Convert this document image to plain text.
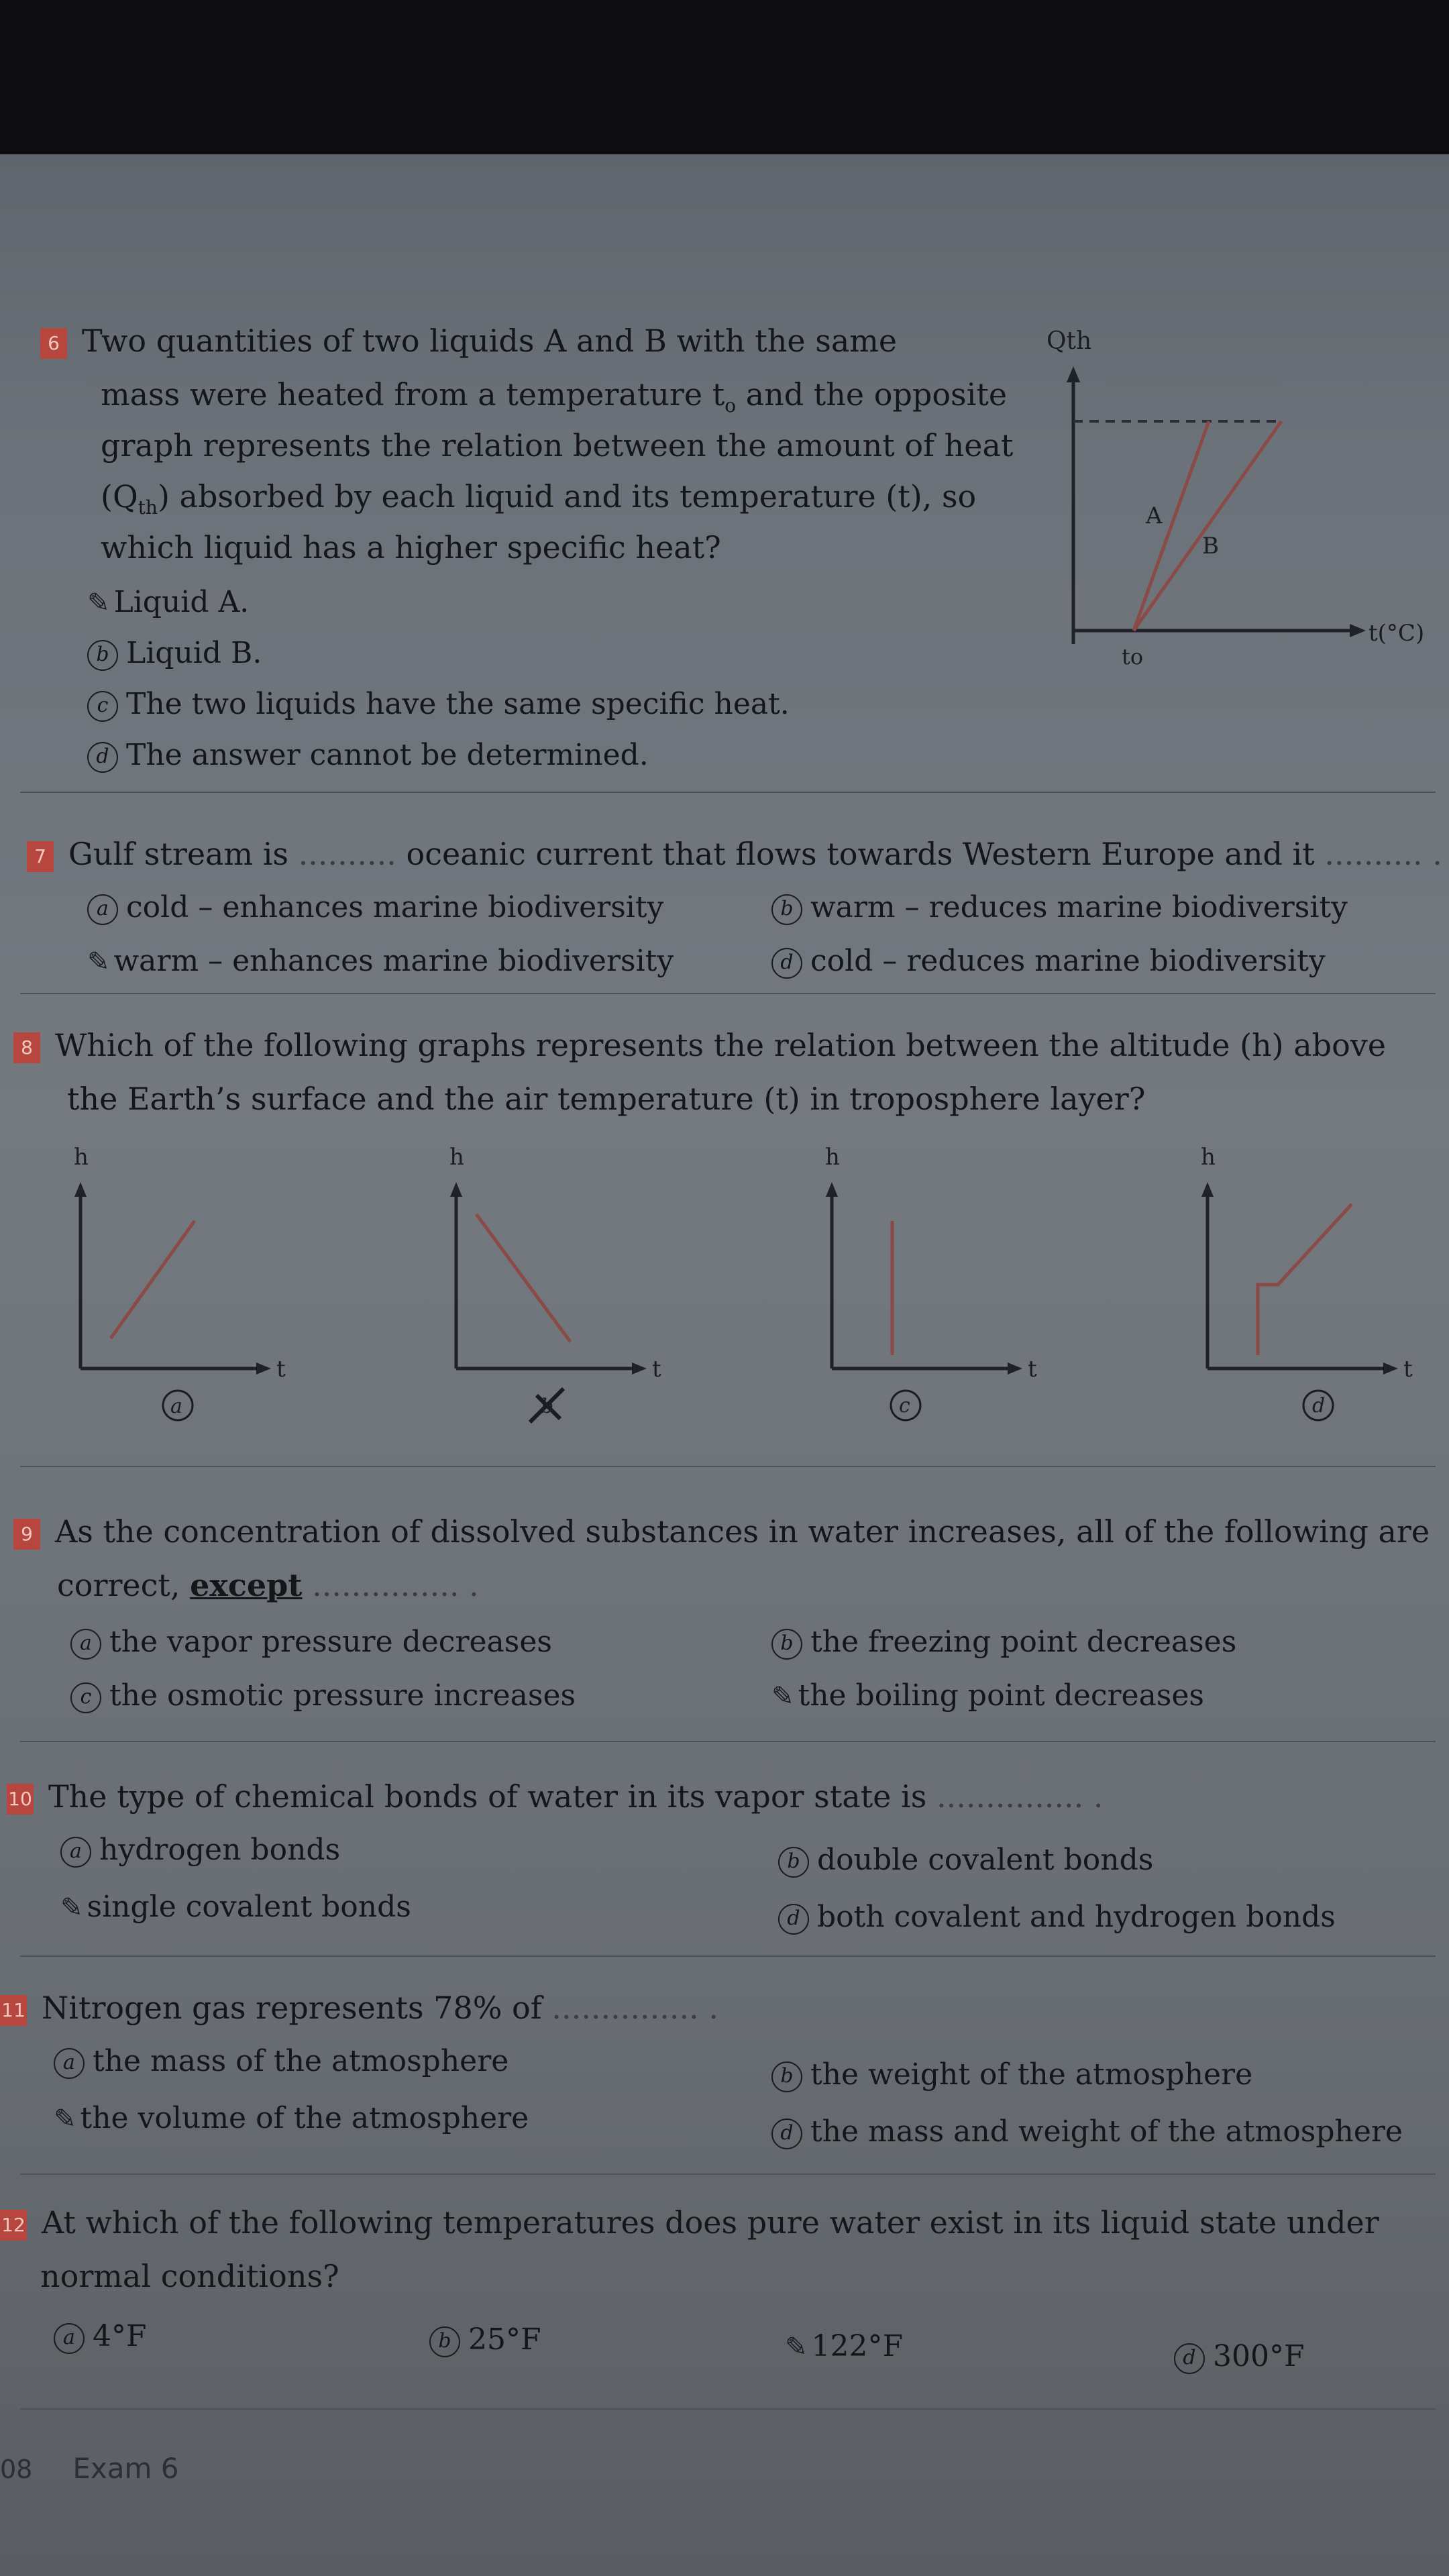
6 Two quantities of two liquids A and B with the same
mass were heated from a temperature $t_o$ and the opposite
graph represents the relation between the amount of heat
$(Q_{th})$ absorbed by each liquid and its temperature (t), so
which liquid has a higher specific heat?
✎ Liquid A.
b Liquid B.
c The two liquids have the same specific heat.
d The answer cannot be determined.
Qth
t(°C)
to
A
B
7 Gulf stream is .......... oceanic current that flows towards Western Europe and it .......... .
a cold – enhances marine biodiversity	b warm – reduces marine biodiversity
✎ warm – enhances marine biodiversity	d cold – reduces marine biodiversity
8 Which of the following graphs represents the relation between the altitude (h) above
the Earth’s surface and the air temperature (t) in troposphere layer?
h
t
a
h
t
b
h
t
c
h
t
d
9 As the concentration of dissolved substances in water increases, all of the following are
correct, except ............... .
a the vapor pressure decreases	b the freezing point decreases
c the osmotic pressure increases	✎ the boiling point decreases
10 The type of chemical bonds of water in its vapor state is ............... .
a hydrogen bonds	b double covalent bonds
✎ single covalent bonds	d both covalent and hydrogen bonds
11 Nitrogen gas represents 78% of ............... .
a the mass of the atmosphere	b the weight of the atmosphere
✎ the volume of the atmosphere	d the mass and weight of the atmosphere
12 At which of the following temperatures does pure water exist in its liquid state under
normal conditions?
a 4°F	b 25°F	✎ 122°F	d 300°F
08 Exam 6
